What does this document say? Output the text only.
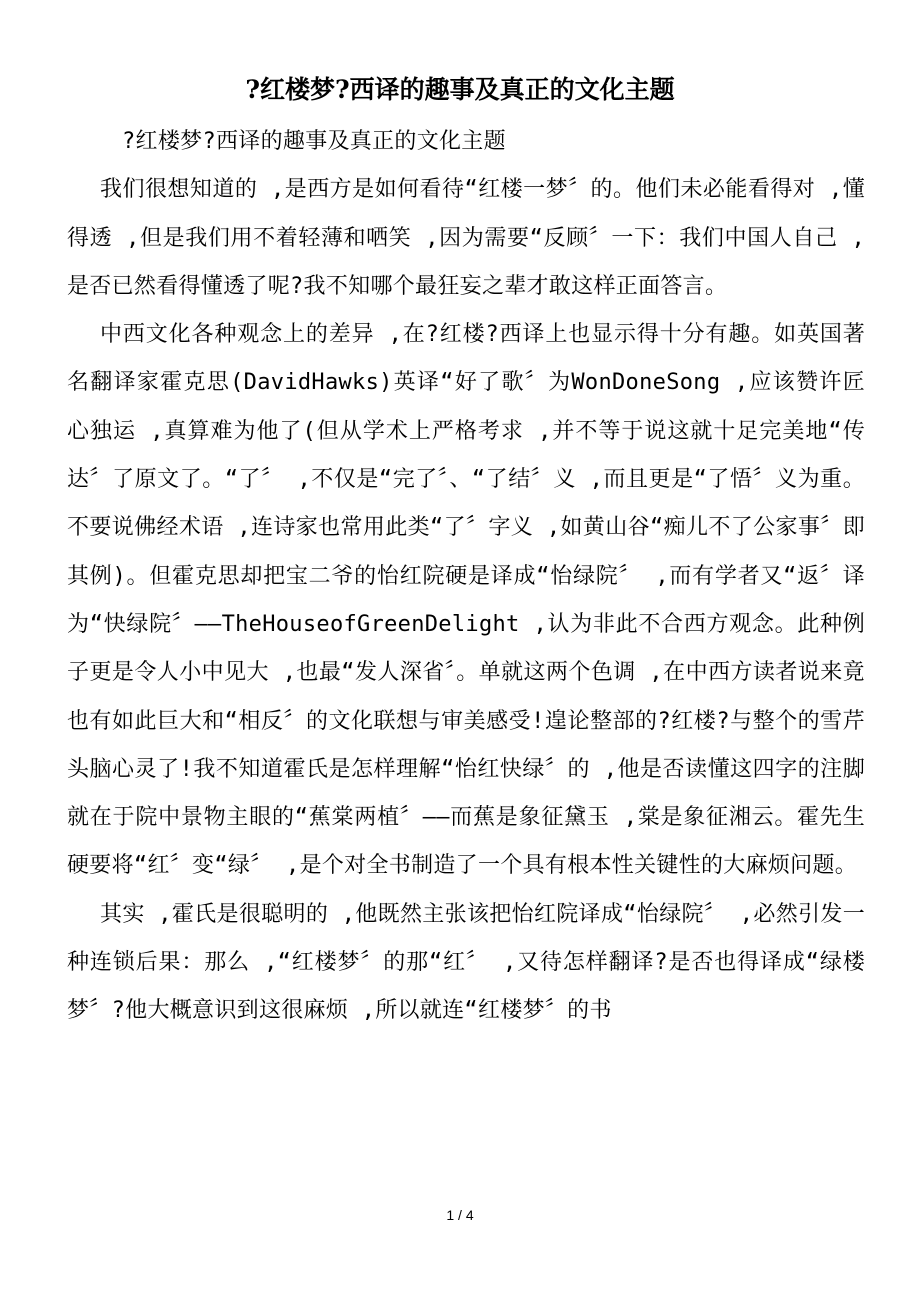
?红楼梦?西译的趣事及真正的文化主题

?红楼梦?西译的趣事及真正的文化主题

我们很想知道的 ,是西方是如何看待“红楼一梦〞的。他们未必能看得对 ,懂得透 ,但是我们用不着轻薄和哂笑 ,因为需要“反顾〞一下：我们中国人自己 ,是否已然看得懂透了呢?我不知哪个最狂妄之辈才敢这样正面答言。

中西文化各种观念上的差异 ,在?红楼?西译上也显示得十分有趣。如英国著名翻译家霍克思(DavidHawks)英译“好了歌〞为WonDoneSong ,应该赞许匠心独运 ,真算难为他了(但从学术上严格考求 ,并不等于说这就十足完美地“传达〞了原文了。“了〞 ,不仅是“完了〞、“了结〞义 ,而且更是“了悟〞义为重。不要说佛经术语 ,连诗家也常用此类“了〞字义 ,如黄山谷“痴儿不了公家事〞即其例)。但霍克思却把宝二爷的怡红院硬是译成“怡绿院〞 ,而有学者又“返〞译为“快绿院〞——TheHouseofGreenDelight ,认为非此不合西方观念。此种例子更是令人小中见大 ,也最“发人深省〞。单就这两个色调 ,在中西方读者说来竟也有如此巨大和“相反〞的文化联想与审美感受!遑论整部的?红楼?与整个的雪芹头脑心灵了!我不知道霍氏是怎样理解“怡红快绿〞的 ,他是否读懂这四字的注脚就在于院中景物主眼的“蕉棠两植〞——而蕉是象征黛玉 ,棠是象征湘云。霍先生硬要将“红〞变“绿〞 ,是个对全书制造了一个具有根本性关键性的大麻烦问题。

其实 ,霍氏是很聪明的 ,他既然主张该把怡红院译成“怡绿院〞 ,必然引发一种连锁后果：那么 ,“红楼梦〞的那“红〞 ,又待怎样翻译?是否也得译成“绿楼梦〞?他大概意识到这很麻烦 ,所以就连“红楼梦〞的书

1 / 4
